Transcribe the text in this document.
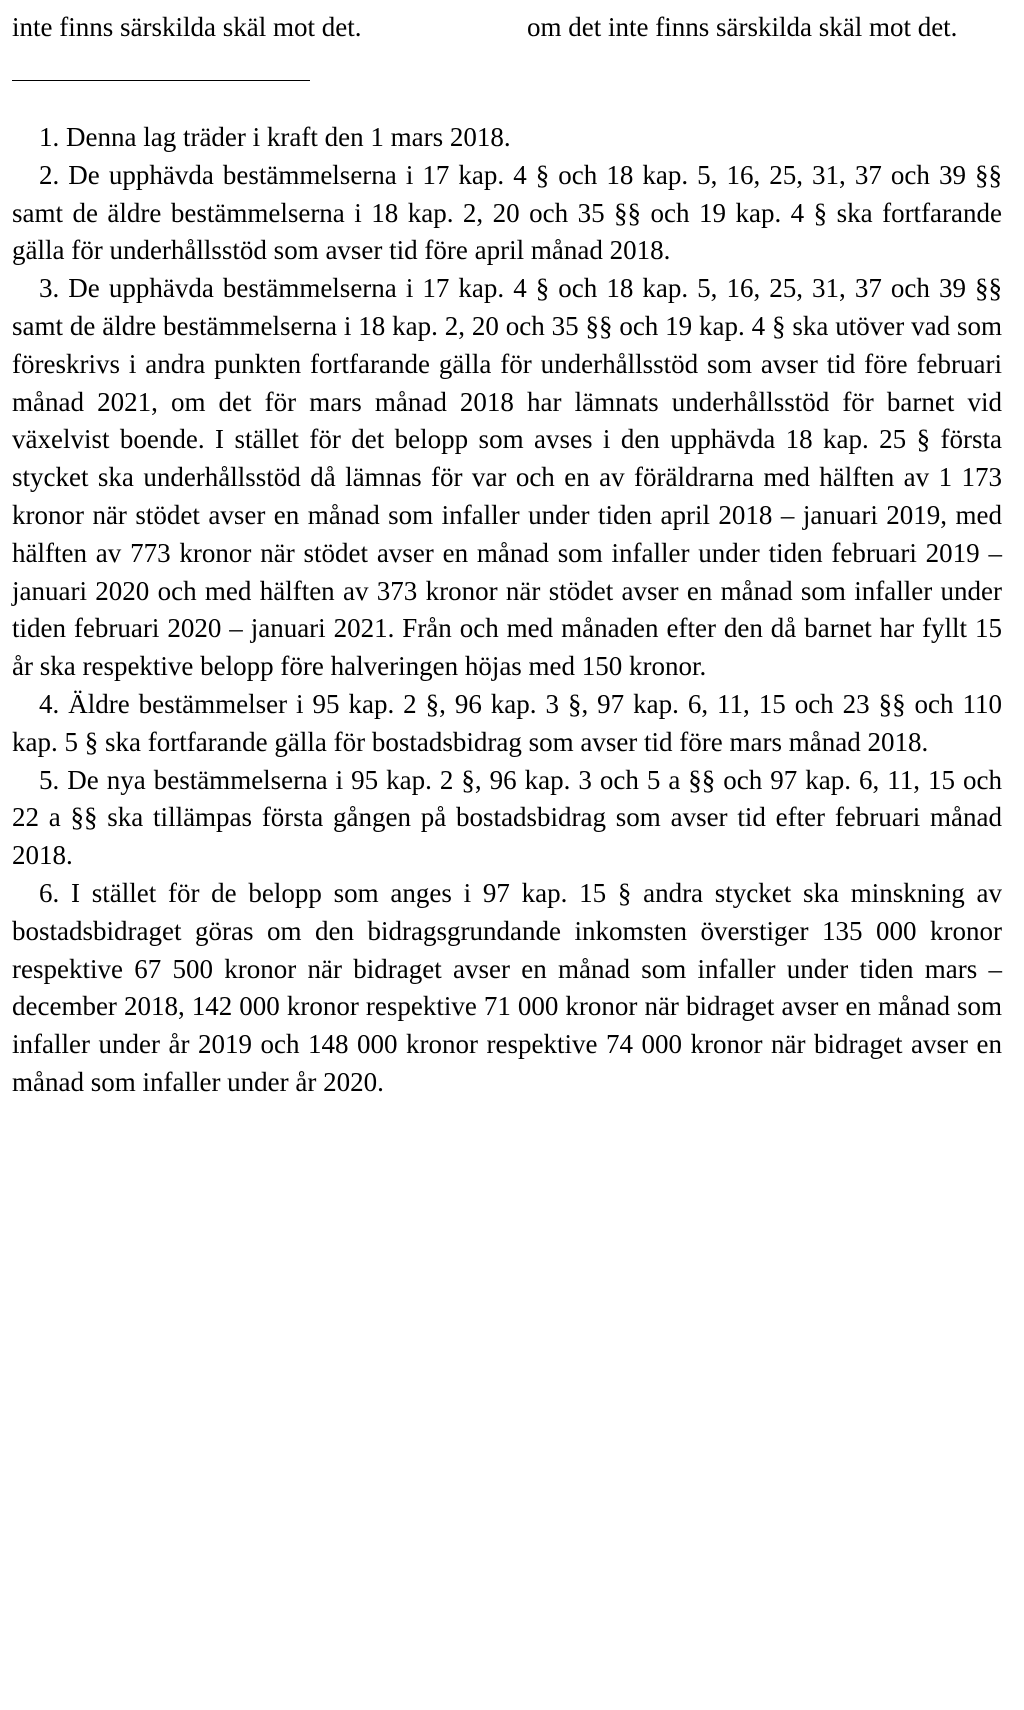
inte finns särskilda skäl mot det.	om det inte finns särskilda skäl mot det.

1. Denna lag träder i kraft den 1 mars 2018.

2. De upphävda bestämmelserna i 17 kap. 4 § och 18 kap. 5, 16, 25, 31, 37 och 39 §§ samt de äldre bestämmelserna i 18 kap. 2, 20 och 35 §§ och 19 kap. 4 § ska fortfarande gälla för underhållsstöd som avser tid före april månad 2018.

3. De upphävda bestämmelserna i 17 kap. 4 § och 18 kap. 5, 16, 25, 31, 37 och 39 §§ samt de äldre bestämmelserna i 18 kap. 2, 20 och 35 §§ och 19 kap. 4 § ska utöver vad som föreskrivs i andra punkten fortfarande gälla för underhållsstöd som avser tid före februari månad 2021, om det för mars månad 2018 har lämnats underhållsstöd för barnet vid växelvist boende. I stället för det belopp som avses i den upphävda 18 kap. 25 § första stycket ska underhållsstöd då lämnas för var och en av föräldrarna med hälften av 1 173 kronor när stödet avser en månad som infaller under tiden april 2018 – januari 2019, med hälften av 773 kronor när stödet avser en månad som infaller under tiden februari 2019 – januari 2020 och med hälften av 373 kronor när stödet avser en månad som infaller under tiden februari 2020 – januari 2021. Från och med månaden efter den då barnet har fyllt 15 år ska respektive belopp före halveringen höjas med 150 kronor.

4. Äldre bestämmelser i 95 kap. 2 §, 96 kap. 3 §, 97 kap. 6, 11, 15 och 23 §§ och 110 kap. 5 § ska fortfarande gälla för bostadsbidrag som avser tid före mars månad 2018.

5. De nya bestämmelserna i 95 kap. 2 §, 96 kap. 3 och 5 a §§ och 97 kap. 6, 11, 15 och 22 a §§ ska tillämpas första gången på bostadsbidrag som avser tid efter februari månad 2018.

6. I stället för de belopp som anges i 97 kap. 15 § andra stycket ska minskning av bostadsbidraget göras om den bidragsgrundande inkomsten överstiger 135 000 kronor respektive 67 500 kronor när bidraget avser en månad som infaller under tiden mars – december 2018, 142 000 kronor respektive 71 000 kronor när bidraget avser en månad som infaller under år 2019 och 148 000 kronor respektive 74 000 kronor när bidraget avser en månad som infaller under år 2020.
